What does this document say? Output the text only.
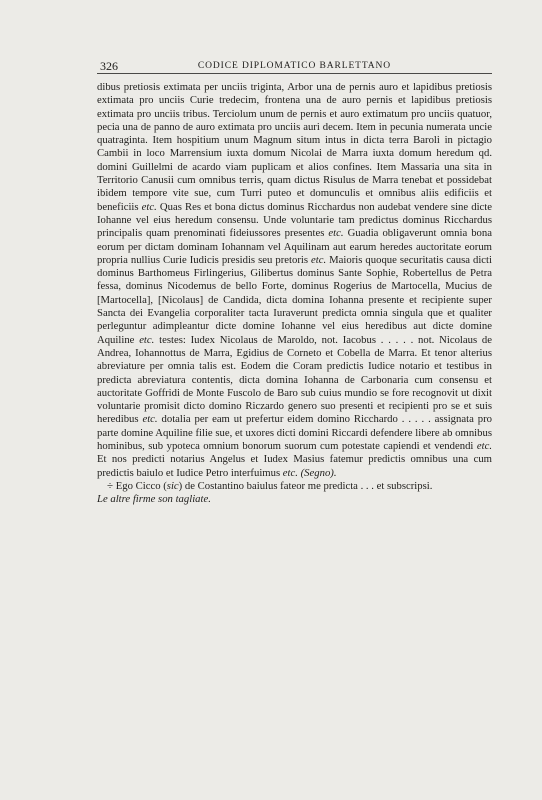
326	CODICE DIPLOMATICO BARLETTANO

dibus pretiosis extimata per unciis triginta, Arbor una de pernis auro et lapidibus pretiosis extimata pro unciis Curie tredecim, frontena una de auro pernis et lapidibus pretiosis extimata pro unciis tribus. Terciolum unum de pernis et auro extimatum pro unciis quatuor, pecia una de panno de auro extimata pro unciis auri decem. Item in pecunia numerata uncie quatraginta. Item hospitium unum Magnum situm intus in dicta terra Baroli in pictagio Cambii in loco Marrensium iuxta domum Nicolai de Marra iuxta domum heredum qd. domini Guillelmi de acardo viam puplicam et alios confines. Item Massaria una sita in Territorio Canusii cum omnibus terris, quam dictus Risulus de Marra tenebat et possidebat ibidem tempore vite sue, cum Turri puteo et domunculis et omnibus aliis edificiis et beneficiis etc. Quas Res et bona dictus dominus Ricchardus non audebat vendere sine dicte Iohanne vel eius heredum consensu. Unde voluntarie tam predictus dominus Ricchardus principalis quam prenominati fideiussores presentes etc. Guadia obligaverunt omnia bona eorum per dictam dominam Iohannam vel Aquilinam aut earum heredes auctoritate eorum propria nullius Curie Iudicis presidis seu pretoris etc. Maioris quoque securitatis causa dicti dominus Barthomeus Firlingerius, Gilibertus dominus Sante Sophie, Robertellus de Petra fessa, dominus Nicodemus de bello Forte, dominus Rogerius de Martocella, Mucius de [Martocella], [Nicolaus] de Candida, dicta domina Iohanna presente et recipiente super Sancta dei Evangelia corporaliter tacta Iuraverunt predicta omnia singula que et qualiter perleguntur adimpleantur dicte domine Iohanne vel eius heredibus aut dicte domine Aquiline etc. testes: Iudex Nicolaus de Maroldo, not. Iacobus . . . . . not. Nicolaus de Andrea, Iohannottus de Marra, Egidius de Corneto et Cobella de Marra. Et tenor alterius abreviature per omnia talis est. Eodem die Coram predictis Iudice notario et testibus in predicta abreviatura contentis, dicta domina Iohanna de Carbonaria cum consensu et auctoritate Goffridi de Monte Fuscolo de Baro sub cuius mundio se fore recognovit ut dixit voluntarie promisit dicto domino Riczardo genero suo presenti et recipienti pro se et suis heredibus etc. dotalia per eam ut prefertur eidem domino Ricchardo . . . . . assignata pro parte domine Aquiline filie sue, et uxores dicti domini Riccardi defendere libere ab omnibus hominibus, sub ypoteca omnium bonorum suorum cum potestate capiendi et vendendi etc. Et nos predicti notarius Angelus et Iudex Masius fatemur predictis omnibus una cum predictis baiulo et Iudice Petro interfuimus etc. (Segno).

÷ Ego Cicco (sic) de Costantino baiulus fateor me predicta . . . et subscripsi.

Le altre firme son tagliate.
